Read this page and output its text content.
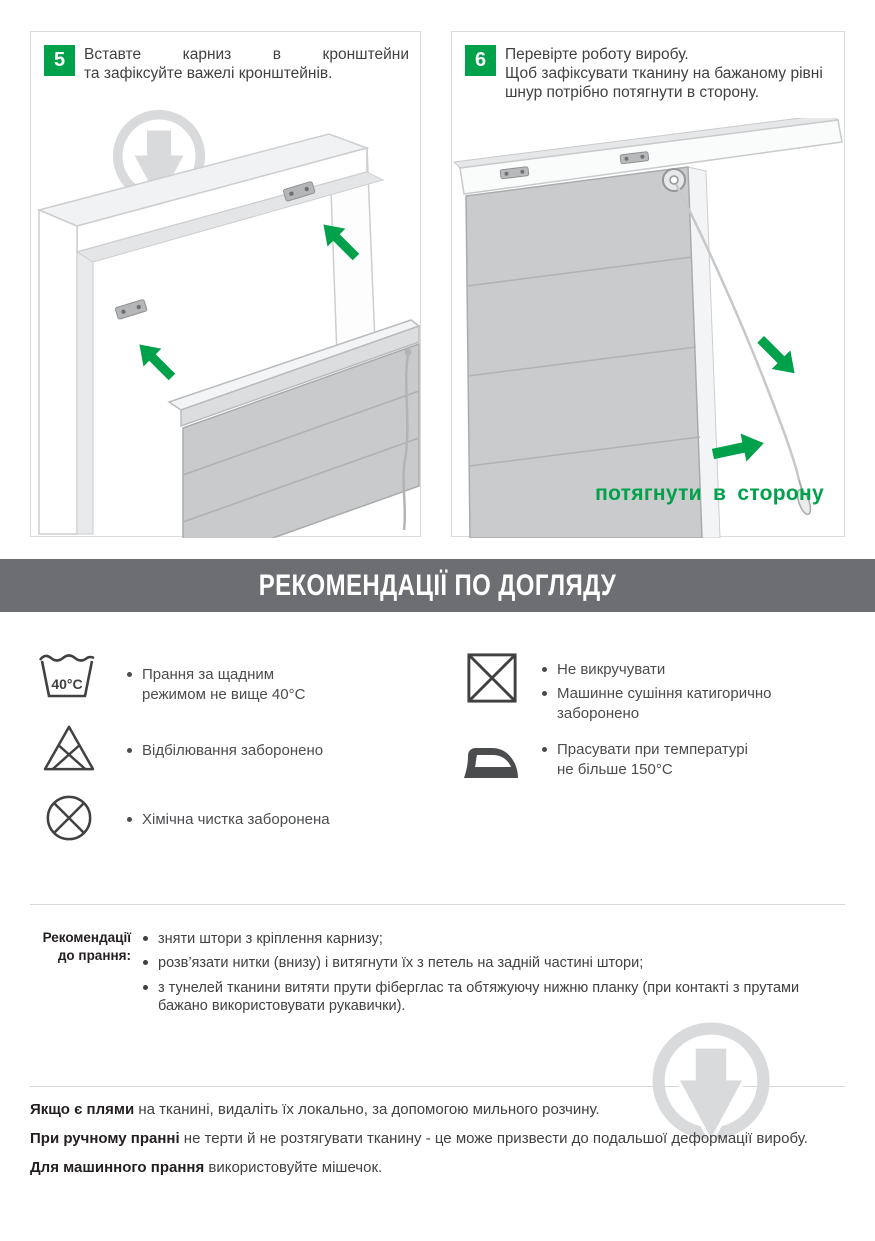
5	Вставте карниз в кронштейни
та зафіксуйте важелі кронштейнів.
6	Перевірте роботу виробу.
Щоб зафіксувати тканину на бажаному рівні
шнур потрібно потягнути в сторону.
потягнути в сторону
РЕКОМЕНДАЦІЇ ПО ДОГЛЯДУ
40°C
Прання за щадним режимом не вище 40°С
Відбілювання заборонено
Хімічна чистка заборонена
Не викручувати
Машинне сушіння катигорично заборонено
Прасувати при температурі не більше 150°С
Рекомендації
до прання:
зняти штори з кріплення карнизу;
розв’язати нитки (внизу) і витягнути їх з петель на задній частині штори;
з тунелей тканини витяти прути фіберглас та обтяжуючу нижню планку (при контакті з прутами бажано використовувати рукавички).
Якщо є плями на тканині, видаліть їх локально, за допомогою мильного розчину.
При ручному пранні не терти й не розтягувати тканину - це може призвести до подальшої деформації виробу.
Для машинного прання використовуйте мішечок.
